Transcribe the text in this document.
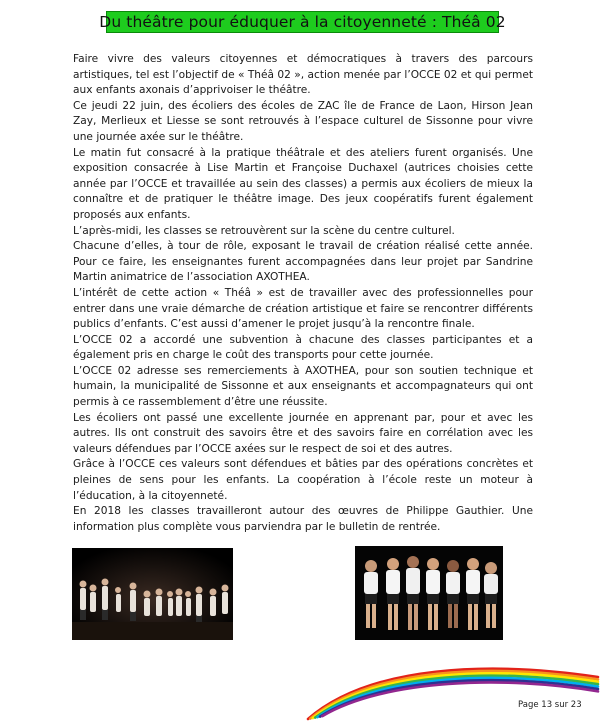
Du théâtre pour éduquer à la citoyenneté : Théâ 02

Faire vivre des valeurs citoyennes et démocratiques à travers des parcours artistiques, tel est l’objectif de « Théâ 02 », action menée par l’OCCE 02 et qui permet aux enfants axonais d’apprivoiser le théâtre.

Ce jeudi 22 juin, des écoliers des écoles de ZAC île de France de Laon, Hirson Jean Zay, Merlieux et Liesse se sont retrouvés à l’espace culturel de Sissonne pour vivre une journée axée sur le théâtre.

Le matin fut consacré à la pratique théâtrale et des ateliers furent organisés. Une exposition consacrée à Lise Martin et Françoise Duchaxel (autrices choisies cette année par l’OCCE et travaillée au sein des classes) a permis aux écoliers de mieux la connaître et de pratiquer le théâtre image. Des jeux coopératifs furent également proposés aux enfants.

L’après-midi, les classes se retrouvèrent sur la scène du centre culturel.

Chacune d’elles, à tour de rôle, exposant le travail de création réalisé cette année. Pour ce faire, les enseignantes furent accompagnées dans leur projet par Sandrine Martin animatrice de l’association AXOTHEA.

L’intérêt de cette action « Théâ » est de travailler avec des professionnelles pour entrer dans une vraie démarche de création artistique et faire se rencontrer différents publics d’enfants. C’est aussi d’amener le projet jusqu’à la rencontre finale.

L’OCCE 02 a accordé une subvention à chacune des classes participantes et a également pris en charge le coût des transports pour cette journée.

L’OCCE 02 adresse ses remerciements à AXOTHEA, pour son soutien technique et humain, la municipalité de Sissonne et aux enseignants et accompagnateurs qui ont permis à ce rassemblement d’être une réussite.

Les écoliers ont passé une excellente journée en apprenant par, pour et avec les autres. Ils ont construit des savoirs être et des savoirs faire en corrélation avec les valeurs défendues par l’OCCE axées sur le respect de soi et des autres.

Grâce à l’OCCE ces valeurs sont défendues et bâties par des opérations concrètes et pleines de sens pour les enfants. La coopération à l’école reste un moteur à l’éducation, à la citoyenneté.

En 2018 les classes travailleront autour des œuvres de Philippe Gauthier. Une information plus complète vous parviendra par le bulletin de rentrée.

Page 13 sur 23
